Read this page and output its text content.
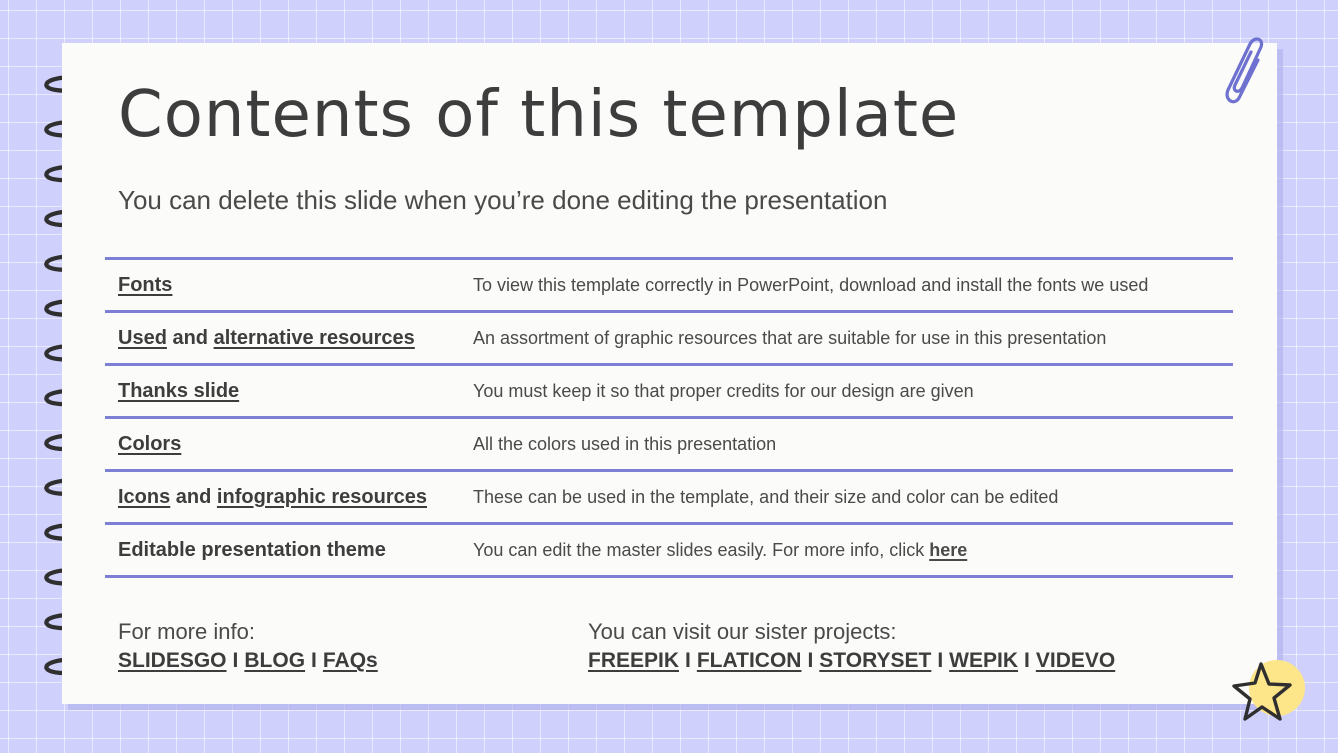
Contents of this template
You can delete this slide when you’re done editing the presentation
Fonts	To view this template correctly in PowerPoint, download and install the fonts we used
Used and alternative resources	An assortment of graphic resources that are suitable for use in this presentation
Thanks slide	You must keep it so that proper credits for our design are given
Colors	All the colors used in this presentation
Icons and infographic resources	These can be used in the template, and their size and color can be edited
Editable presentation theme	You can edit the master slides easily. For more info, click here
For more info:
SLIDESGO I BLOG I FAQs
You can visit our sister projects:
FREEPIK I FLATICON I STORYSET I WEPIK I VIDEVO
